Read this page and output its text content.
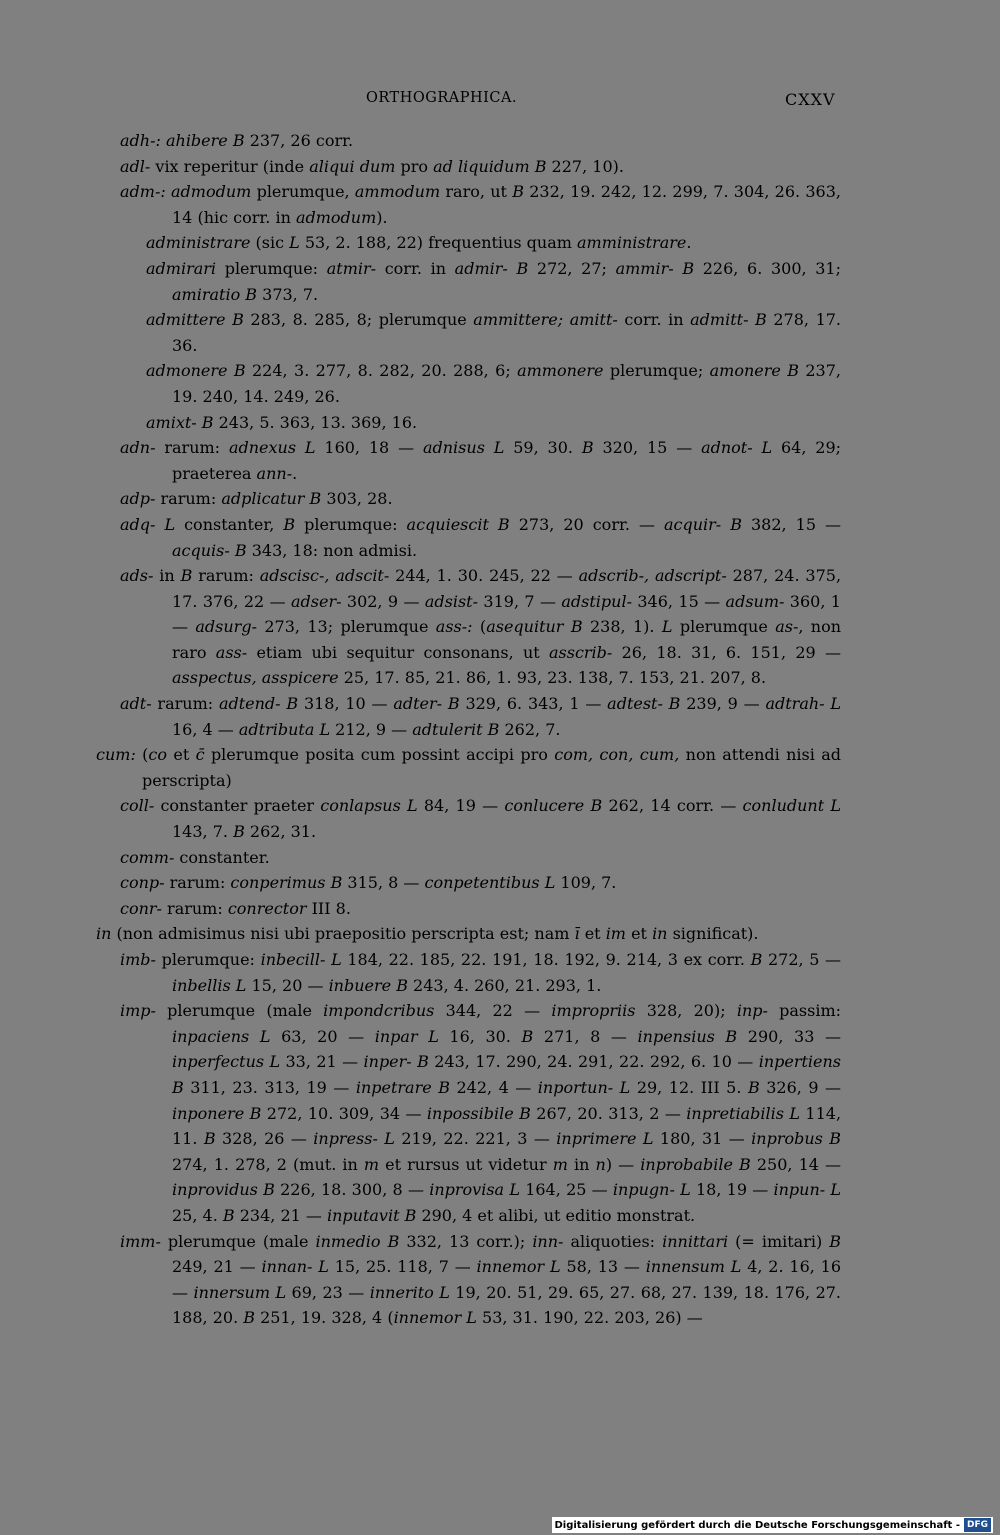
ORTHOGRAPHICA.	CXXV

adh-: ahibere B 237, 26 corr.

adl- vix reperitur (inde aliqui dum pro ad liquidum B 227, 10).

adm-: admodum plerumque, ammodum raro, ut B 232, 19. 242, 12. 299, 7. 304, 26. 363, 14 (hic corr. in admodum).

administrare (sic L 53, 2. 188, 22) frequentius quam amministrare.

admirari plerumque: atmir- corr. in admir- B 272, 27; ammir- B 226, 6. 300, 31; amiratio B 373, 7.

admittere B 283, 8. 285, 8; plerumque ammittere; amitt- corr. in admitt- B 278, 17. 36.

admonere B 224, 3. 277, 8. 282, 20. 288, 6; ammonere plerumque; amonere B 237, 19. 240, 14. 249, 26.

amixt- B 243, 5. 363, 13. 369, 16.

adn- rarum: adnexus L 160, 18 — adnisus L 59, 30. B 320, 15 — adnot- L 64, 29; praeterea ann-.

adp- rarum: adplicatur B 303, 28.

adq- L constanter, B plerumque: acquiescit B 273, 20 corr. — acquir- B 382, 15 — acquis- B 343, 18: non admisi.

ads- in B rarum: adscisc-, adscit- 244, 1. 30. 245, 22 — adscrib-, adscript- 287, 24. 375, 17. 376, 22 — adser- 302, 9 — adsist- 319, 7 — adstipul- 346, 15 — adsum- 360, 1 — adsurg- 273, 13; plerumque ass-: (asequitur B 238, 1). L plerumque as-, non raro ass- etiam ubi sequitur consonans, ut asscrib- 26, 18. 31, 6. 151, 29 — asspectus, asspicere 25, 17. 85, 21. 86, 1. 93, 23. 138, 7. 153, 21. 207, 8.

adt- rarum: adtend- B 318, 10 — adter- B 329, 6. 343, 1 — adtest- B 239, 9 — adtrah- L 16, 4 — adtributa L 212, 9 — adtulerit B 262, 7.

cum: (co et c̄ plerumque posita cum possint accipi pro com, con, cum, non attendi nisi ad perscripta)

coll- constanter praeter conlapsus L 84, 19 — conlucere B 262, 14 corr. — conludunt L 143, 7. B 262, 31.

comm- constanter.

conp- rarum: conperimus B 315, 8 — conpetentibus L 109, 7.

conr- rarum: conrector III 8.

in (non admisimus nisi ubi praepositio perscripta est; nam ī et im et in significat).

imb- plerumque: inbecill- L 184, 22. 185, 22. 191, 18. 192, 9. 214, 3 ex corr. B 272, 5 — inbellis L 15, 20 — inbuere B 243, 4. 260, 21. 293, 1.

imp- plerumque (male impondcribus 344, 22 — impropriis 328, 20); inp- passim: inpaciens L 63, 20 — inpar L 16, 30. B 271, 8 — inpensius B 290, 33 — inperfectus L 33, 21 — inper- B 243, 17. 290, 24. 291, 22. 292, 6. 10 — inpertiens B 311, 23. 313, 19 — inpetrare B 242, 4 — inportun- L 29, 12. III 5. B 326, 9 — inponere B 272, 10. 309, 34 — inpossibile B 267, 20. 313, 2 — inpretiabilis L 114, 11. B 328, 26 — inpress- L 219, 22. 221, 3 — inprimere L 180, 31 — inprobus B 274, 1. 278, 2 (mut. in m et rursus ut videtur m in n) — inprobabile B 250, 14 — inprovidus B 226, 18. 300, 8 — inprovisa L 164, 25 — inpugn- L 18, 19 — inpun- L 25, 4. B 234, 21 — inputavit B 290, 4 et alibi, ut editio monstrat.

imm- plerumque (male inmedio B 332, 13 corr.); inn- aliquoties: innittari (= imitari) B 249, 21 — innan- L 15, 25. 118, 7 — innemor L 58, 13 — innensum L 4, 2. 16, 16 — innersum L 69, 23 — innerito L 19, 20. 51, 29. 65, 27. 68, 27. 139, 18. 176, 27. 188, 20. B 251, 19. 328, 4 (innemor L 53, 31. 190, 22. 203, 26) —

Digitalisierung gefördert durch die Deutsche Forschungsgemeinschaft - DFG
